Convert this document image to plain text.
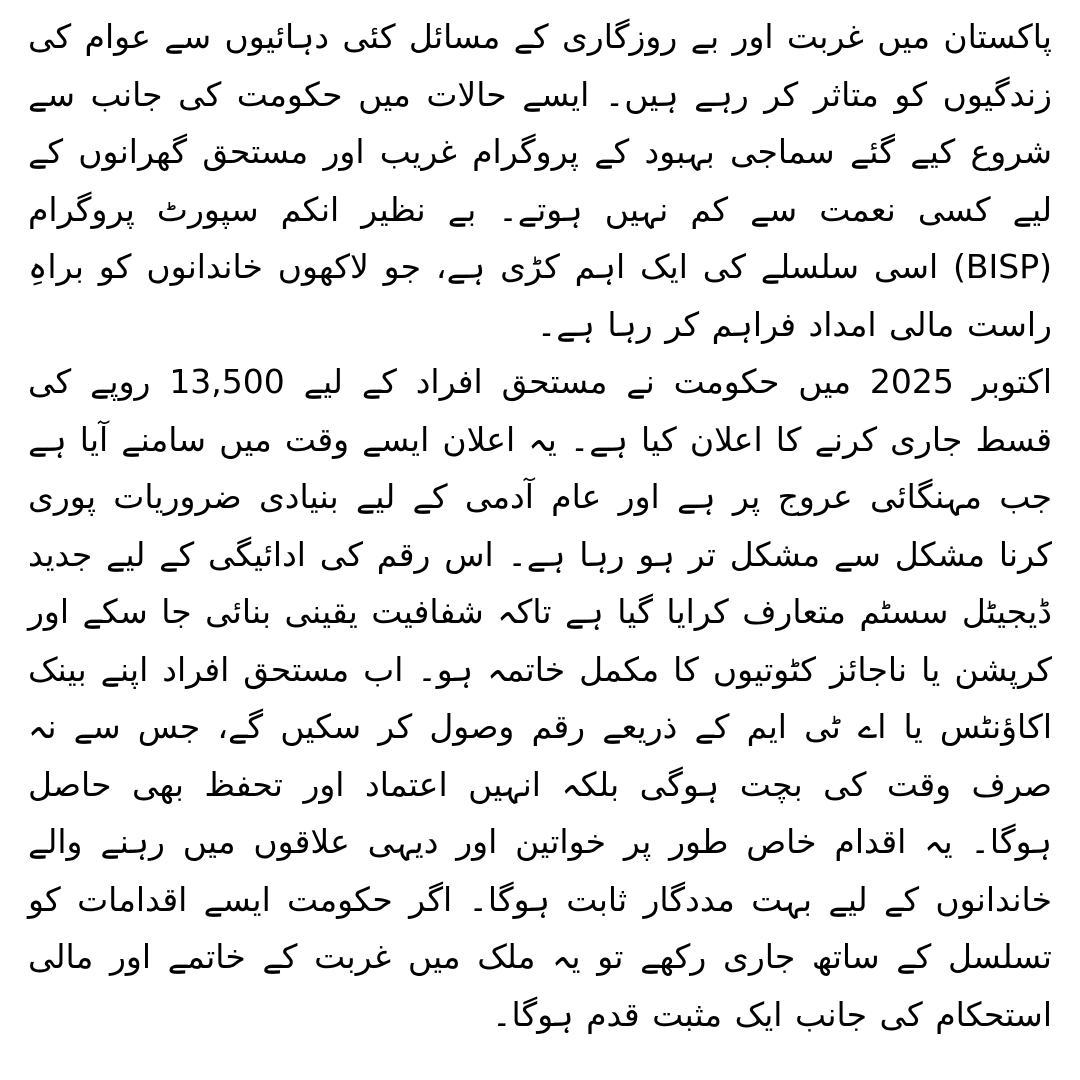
پاکستان میں غربت اور بے روزگاری کے مسائل کئی دہائیوں سے عوام کی زندگیوں کو متاثر کر رہے ہیں۔ ایسے حالات میں حکومت کی جانب سے شروع کیے گئے سماجی بہبود کے پروگرام غریب اور مستحق گھرانوں کے لیے کسی نعمت سے کم نہیں ہوتے۔ بے نظیر انکم سپورٹ پروگرام (BISP) اسی سلسلے کی ایک اہم کڑی ہے، جو لاکھوں خاندانوں کو براہِ راست مالی امداد فراہم کر رہا ہے۔

اکتوبر 2025 میں حکومت نے مستحق افراد کے لیے 13,500 روپے کی قسط جاری کرنے کا اعلان کیا ہے۔ یہ اعلان ایسے وقت میں سامنے آیا ہے جب مہنگائی عروج پر ہے اور عام آدمی کے لیے بنیادی ضروریات پوری کرنا مشکل سے مشکل تر ہو رہا ہے۔ اس رقم کی ادائیگی کے لیے جدید ڈیجیٹل سسٹم متعارف کرایا گیا ہے تاکہ شفافیت یقینی بنائی جا سکے اور کرپشن یا ناجائز کٹوتیوں کا مکمل خاتمہ ہو۔ اب مستحق افراد اپنے بینک اکاؤنٹس یا اے ٹی ایم کے ذریعے رقم وصول کر سکیں گے، جس سے نہ صرف وقت کی بچت ہوگی بلکہ انہیں اعتماد اور تحفظ بھی حاصل ہوگا۔ یہ اقدام خاص طور پر خواتین اور دیہی علاقوں میں رہنے والے خاندانوں کے لیے بہت مددگار ثابت ہوگا۔ اگر حکومت ایسے اقدامات کو تسلسل کے ساتھ جاری رکھے تو یہ ملک میں غربت کے خاتمے اور مالی استحکام کی جانب ایک مثبت قدم ہوگا۔
